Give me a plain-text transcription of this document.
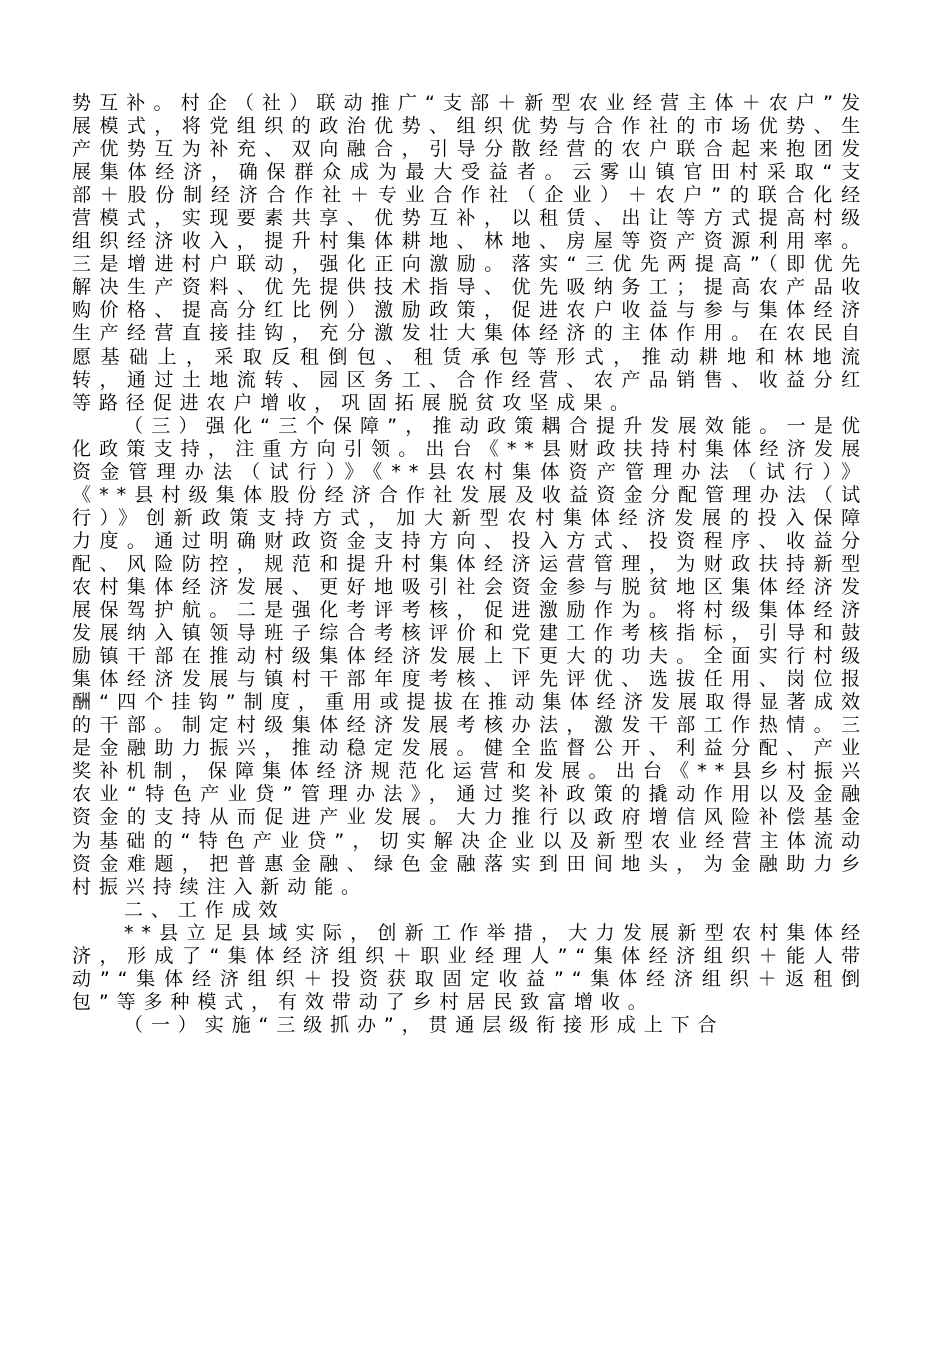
势互补。村企（社）联动推广“支部＋新型农业经营主体＋农户”发展模式，将党组织的政治优势、组织优势与合作社的市场优势、生产优势互为补充、双向融合，引导分散经营的农户联合起来抱团发展集体经济，确保群众成为最大受益者。云雾山镇官田村采取“支部＋股份制经济合作社＋专业合作社（企业）＋农户”的联合化经营模式，实现要素共享、优势互补，以租赁、出让等方式提高村级组织经济收入，提升村集体耕地、林地、房屋等资产资源利用率。三是增进村户联动，强化正向激励。落实“三优先两提高”（即优先解决生产资料、优先提供技术指导、优先吸纳务工；提高农产品收购价格、提高分红比例）激励政策，促进农户收益与参与集体经济生产经营直接挂钩，充分激发壮大集体经济的主体作用。在农民自愿基础上，采取反租倒包、租赁承包等形式，推动耕地和林地流转，通过土地流转、园区务工、合作经营、农产品销售、收益分红等路径促进农户增收，巩固拓展脱贫攻坚成果。

（三）强化“三个保障”，推动政策耦合提升发展效能。一是优化政策支持，注重方向引领。出台《**县财政扶持村集体经济发展资金管理办法（试行）》《**县农村集体资产管理办法（试行）》《**县村级集体股份经济合作社发展及收益资金分配管理办法（试行）》创新政策支持方式，加大新型农村集体经济发展的投入保障力度。通过明确财政资金支持方向、投入方式、投资程序、收益分配、风险防控，规范和提升村集体经济运营管理，为财政扶持新型农村集体经济发展、更好地吸引社会资金参与脱贫地区集体经济发展保驾护航。二是强化考评考核，促进激励作为。将村级集体经济发展纳入镇领导班子综合考核评价和党建工作考核指标，引导和鼓励镇干部在推动村级集体经济发展上下更大的功夫。全面实行村级集体经济发展与镇村干部年度考核、评先评优、选拔任用、岗位报酬“四个挂钩”制度，重用或提拔在推动集体经济发展取得显著成效的干部。制定村级集体经济发展考核办法，激发干部工作热情。三是金融助力振兴，推动稳定发展。健全监督公开、利益分配、产业奖补机制，保障集体经济规范化运营和发展。出台《**县乡村振兴农业“特色产业贷”管理办法》，通过奖补政策的撬动作用以及金融资金的支持从而促进产业发展。大力推行以政府增信风险补偿基金为基础的“特色产业贷”，切实解决企业以及新型农业经营主体流动资金难题，把普惠金融、绿色金融落实到田间地头，为金融助力乡村振兴持续注入新动能。

二、工作成效

**县立足县域实际，创新工作举措，大力发展新型农村集体经济，形成了“集体经济组织＋职业经理人”“集体经济组织＋能人带动”“集体经济组织＋投资获取固定收益”“集体经济组织＋返租倒包”等多种模式，有效带动了乡村居民致富增收。

（一）实施“三级抓办”，贯通层级衔接形成上下合
